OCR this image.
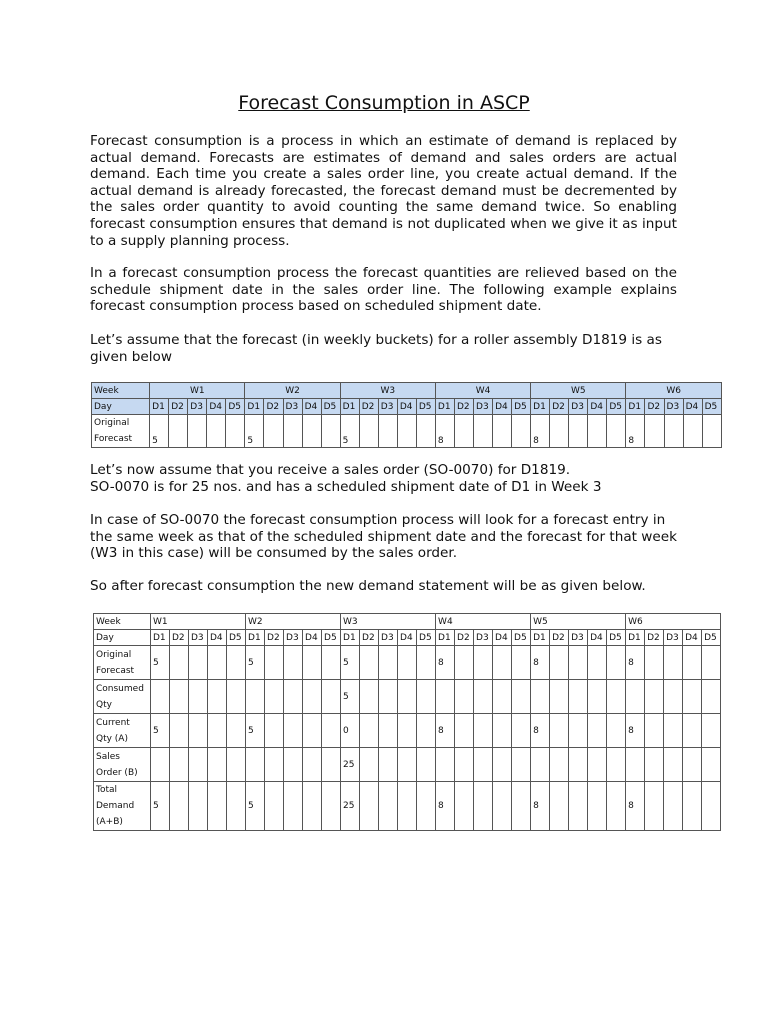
Forecast Consumption in ASCP

Forecast consumption is a process in which an estimate of demand is replaced by actual demand. Forecasts are estimates of demand and sales orders are actual demand. Each time you create a sales order line, you create actual demand. If the actual demand is already forecasted, the forecast demand must be decremented by the sales order quantity to avoid counting the same demand twice. So enabling forecast consumption ensures that demand is not duplicated when we give it as input to a supply planning process.

In a forecast consumption process the forecast quantities are relieved based on the schedule shipment date in the sales order line. The following example explains forecast consumption process based on scheduled shipment date.

Let’s assume that the forecast (in weekly buckets) for a roller assembly D1819 is as given below

Week	W1					W2					W3					W4					W5					W6				
Day	D1	D2	D3	D4	D5	D1	D2	D3	D4	D5	D1	D2	D3	D4	D5	D1	D2	D3	D4	D5	D1	D2	D3	D4	D5	D1	D2	D3	D4	D5
Original Forecast	5					5					5					8					8					8				

Let’s now assume that you receive a sales order (SO-0070) for D1819.
SO-0070 is for 25 nos. and has a scheduled shipment date of D1 in Week 3

In case of SO-0070 the forecast consumption process will look for a forecast entry in the same week as that of the scheduled shipment date and the forecast for that week (W3 in this case) will be consumed by the sales order.

So after forecast consumption the new demand statement will be as given below.

Week	W1					W2					W3					W4					W5					W6				
Day	D1	D2	D3	D4	D5	D1	D2	D3	D4	D5	D1	D2	D3	D4	D5	D1	D2	D3	D4	D5	D1	D2	D3	D4	D5	D1	D2	D3	D4	D5
Original Forecast	5					5					5					8					8					8				
Consumed Qty											5																			
Current Qty (A)	5					5					0					8					8					8				
Sales Order (B)											25																			
Total Demand (A+B)	5					5					25					8					8					8				
